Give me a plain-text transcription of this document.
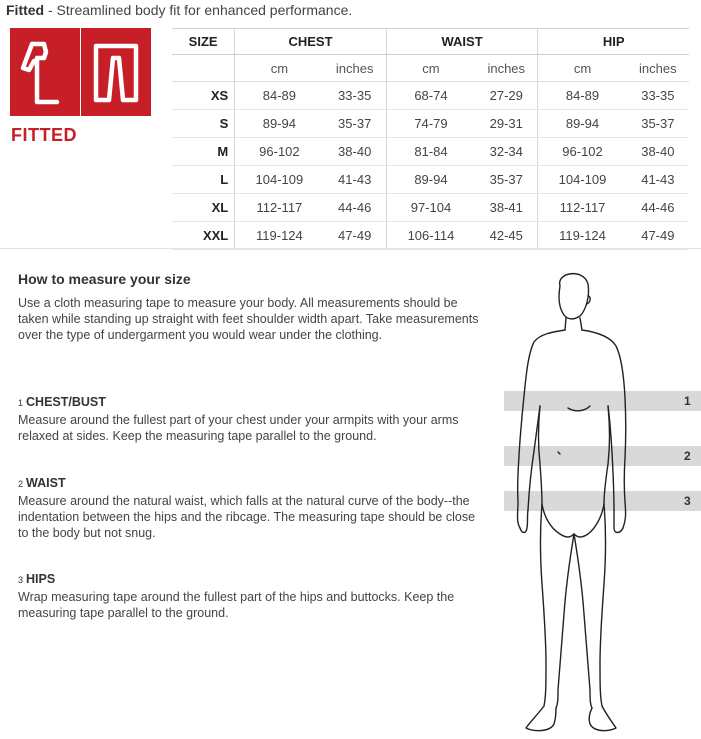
Fitted - Streamlined body fit for enhanced performance.
FITTED
SIZE	CHEST		WAIST		HIP	
	cm	inches	cm	inches	cm	inches
XS	84-89	33-35	68-74	27-29	84-89	33-35
S	89-94	35-37	74-79	29-31	89-94	35-37
M	96-102	38-40	81-84	32-34	96-102	38-40
L	104-109	41-43	89-94	35-37	104-109	41-43
XL	112-117	44-46	97-104	38-41	112-117	44-46
XXL	119-124	47-49	106-114	42-45	119-124	47-49
How to measure your size
Use a cloth measuring tape to measure your body. All measurements should be taken while standing up straight with feet shoulder width apart. Take measurements over the type of undergarment you would wear under the clothing.
1 CHEST/BUST
Measure around the fullest part of your chest under your armpits with your arms relaxed at sides. Keep the measuring tape parallel to the ground.
2 WAIST
Measure around the natural waist, which falls at the natural curve of the body--the indentation between the hips and the ribcage. The measuring tape should be close to the body but not snug.
3 HIPS
Wrap measuring tape around the fullest part of the hips and buttocks. Keep the measuring tape parallel to the ground.
1
2
3
